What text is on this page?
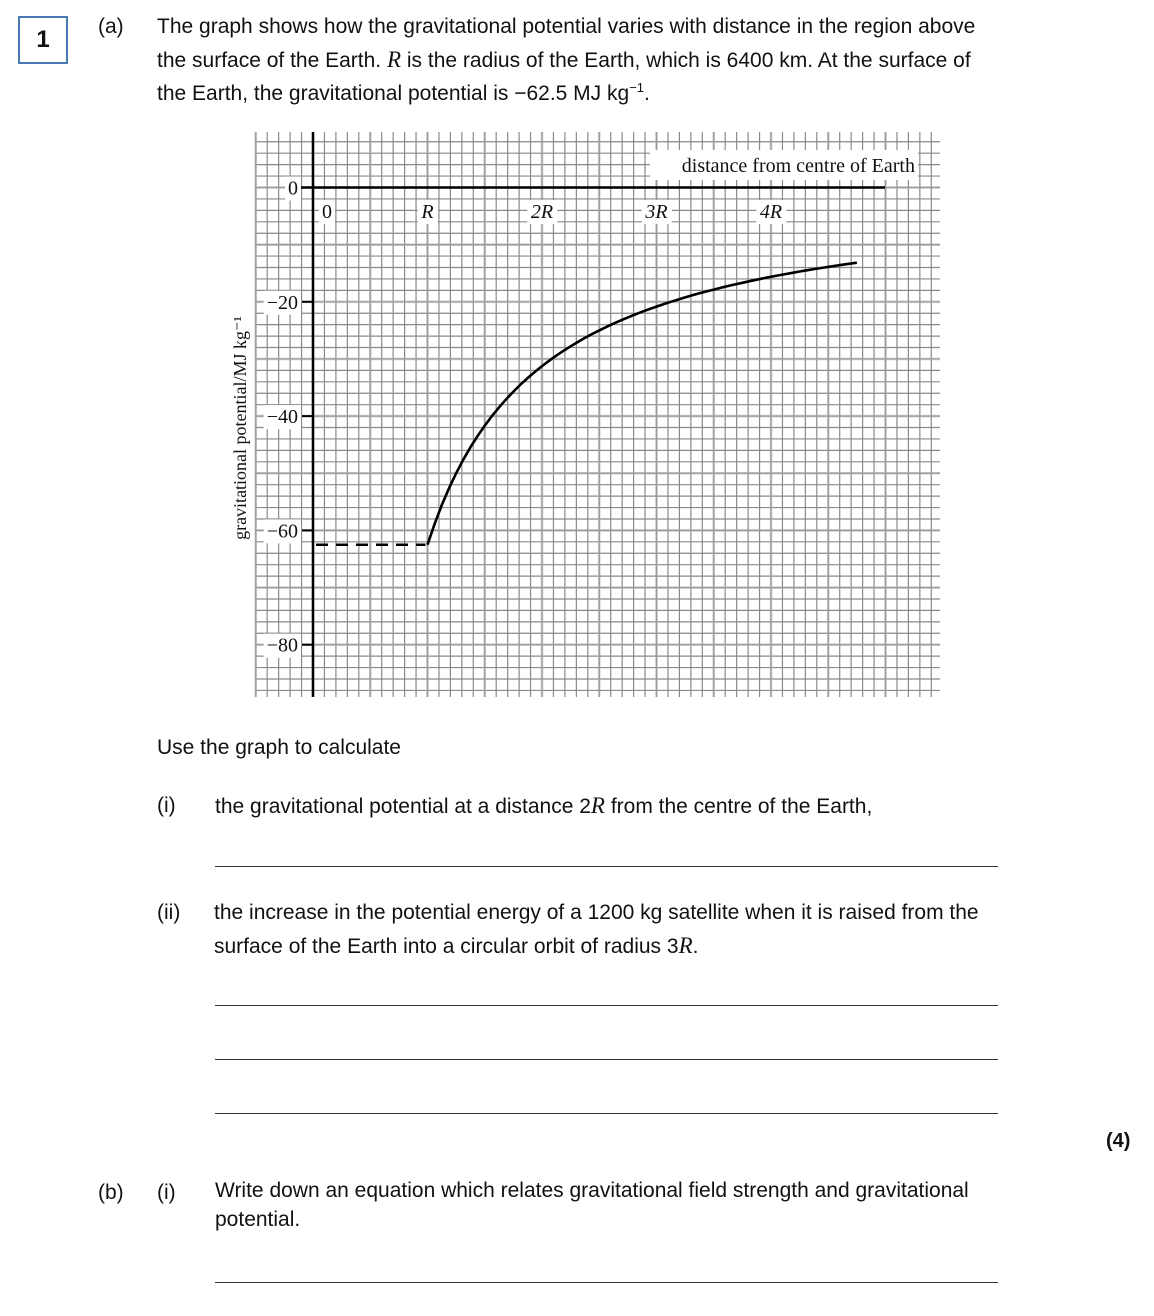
1 (a) The graph shows how the gravitational potential varies with distance in the region above
the surface of the Earth. R is the radius of the Earth, which is 6400 km. At the surface of
the Earth, the gravitational potential is −62.5 MJ $kg^{-1}$.
0
−20
−40
−60
−80
0	R	2R	3R	4R
distance from centre of Earth
gravitational potential/MJ kg⁻¹
Use the graph to calculate
(i) the gravitational potential at a distance 2R from the centre of the Earth,
(ii) the increase in the potential energy of a 1200 kg satellite when it is raised from the
surface of the Earth into a circular orbit of radius 3R.
(4)
(b) (i) Write down an equation which relates gravitational field strength and gravitational
potential.
